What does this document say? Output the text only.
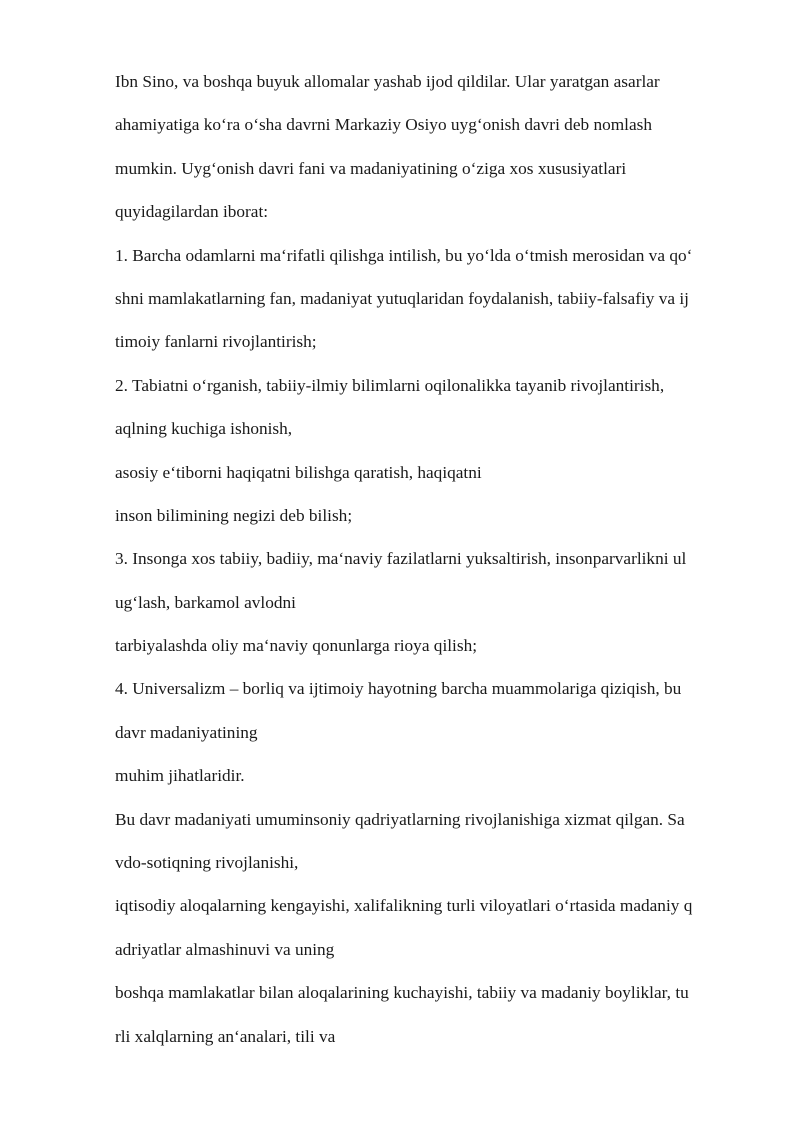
Ibn Sino, va boshqa buyuk allomalar yashab ijod qildilar. Ular yaratgan asarlar

ahamiyatiga koʻra oʻsha davrni Markaziy Osiyo uygʻonish davri deb nomlash

mumkin. Uygʻonish davri fani va madaniyatining oʻziga xos xususiyatlari

quyidagilardan iborat:

1. Barcha odamlarni maʻrifatli qilishga intilish, bu yoʻlda oʻtmish merosidan va qoʻ

shni mamlakatlarning fan, madaniyat yutuqlaridan foydalanish, tabiiy-falsafiy va ij

timoiy fanlarni rivojlantirish;

2. Tabiatni oʻrganish, tabiiy-ilmiy bilimlarni oqilonalikka tayanib rivojlantirish,

aqlning kuchiga ishonish,

asosiy eʻtiborni haqiqatni bilishga qaratish, haqiqatni

inson bilimining negizi deb bilish;

3. Insonga xos tabiiy, badiiy, maʻnaviy fazilatlarni yuksaltirish, insonparvarlikni ul

ugʻlash, barkamol avlodni

tarbiyalashda oliy maʻnaviy qonunlarga rioya qilish;

4. Universalizm – borliq va ijtimoiy hayotning barcha muammolariga qiziqish, bu

davr madaniyatining

muhim jihatlaridir.

Bu davr madaniyati umuminsoniy qadriyatlarning rivojlanishiga xizmat qilgan. Sa

vdo-sotiqning rivojlanishi,

iqtisodiy aloqalarning kengayishi, xalifalikning turli viloyatlari oʻrtasida madaniy q

adriyatlar almashinuvi va uning

boshqa mamlakatlar bilan aloqalarining kuchayishi, tabiiy va madaniy boyliklar, tu

rli xalqlarning anʻanalari, tili va
